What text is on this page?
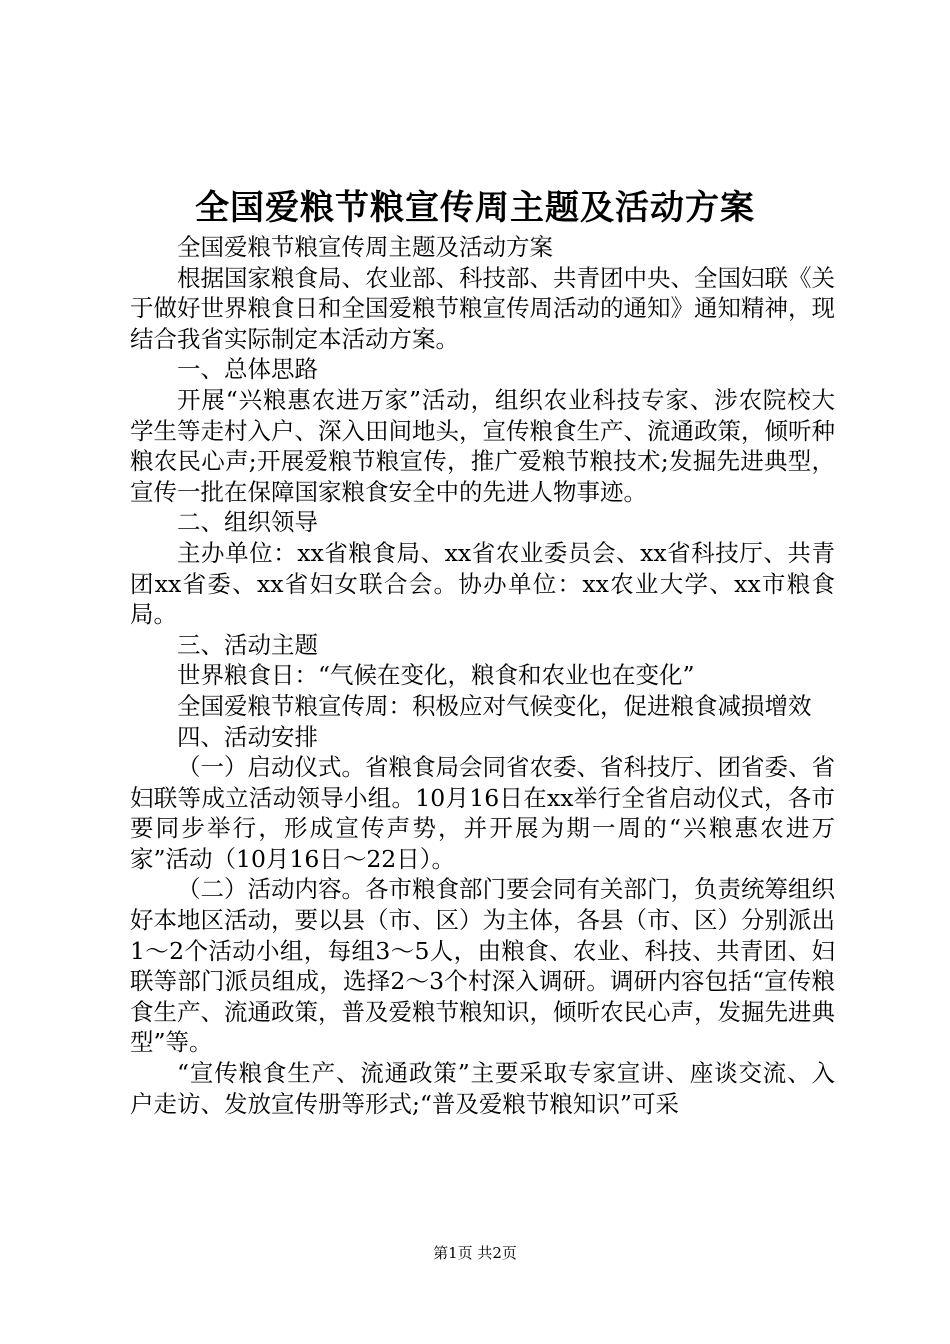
全国爱粮节粮宣传周主题及活动方案

全国爱粮节粮宣传周主题及活动方案

根据国家粮食局、农业部、科技部、共青团中央、全国妇联《关于做好世界粮食日和全国爱粮节粮宣传周活动的通知》通知精神，现结合我省实际制定本活动方案。

一、总体思路

开展“兴粮惠农进万家”活动，组织农业科技专家、涉农院校大学生等走村入户、深入田间地头，宣传粮食生产、流通政策，倾听种粮农民心声;开展爱粮节粮宣传，推广爱粮节粮技术;发掘先进典型，宣传一批在保障国家粮食安全中的先进人物事迹。

二、组织领导

主办单位：xx省粮食局、xx省农业委员会、xx省科技厅、共青团xx省委、xx省妇女联合会。协办单位：xx农业大学、xx市粮食局。

三、活动主题

世界粮食日：“气候在变化，粮食和农业也在变化”

全国爱粮节粮宣传周：积极应对气候变化，促进粮食减损增效

四、活动安排

（一）启动仪式。省粮食局会同省农委、省科技厅、团省委、省妇联等成立活动领导小组。10月16日在xx举行全省启动仪式，各市要同步举行，形成宣传声势，并开展为期一周的“兴粮惠农进万家”活动（10月16日～22日）。

（二）活动内容。各市粮食部门要会同有关部门，负责统筹组织好本地区活动，要以县（市、区）为主体，各县（市、区）分别派出1～2个活动小组，每组3～5人，由粮食、农业、科技、共青团、妇联等部门派员组成，选择2～3个村深入调研。调研内容包括“宣传粮食生产、流通政策，普及爱粮节粮知识，倾听农民心声，发掘先进典型”等。

“宣传粮食生产、流通政策”主要采取专家宣讲、座谈交流、入户走访、发放宣传册等形式;“普及爱粮节粮知识”可采

第1页 共2页
